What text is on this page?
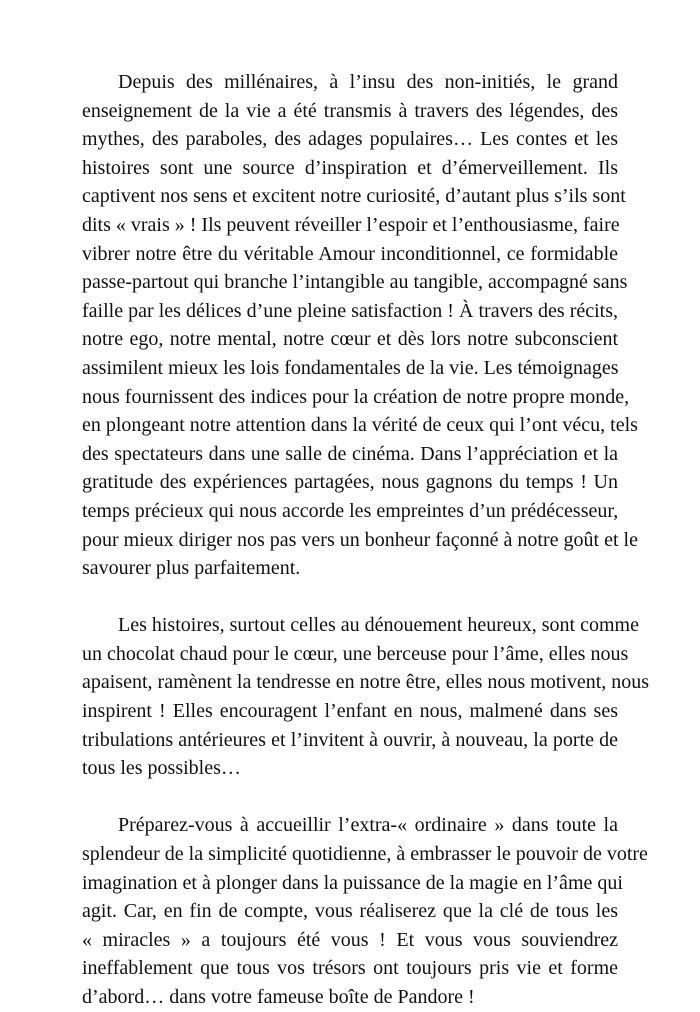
Depuis des millénaires, à l’insu des non-initiés, le grand
enseignement de la vie a été transmis à travers des légendes, des
mythes, des paraboles, des adages populaires… Les contes et les
histoires sont une source d’inspiration et d’émerveillement. Ils
captivent nos sens et excitent notre curiosité, d’autant plus s’ils sont
dits « vrais » ! Ils peuvent réveiller l’espoir et l’enthousiasme, faire
vibrer notre être du véritable Amour inconditionnel, ce formidable
passe-partout qui branche l’intangible au tangible, accompagné sans
faille par les délices d’une pleine satisfaction ! À travers des récits,
notre ego, notre mental, notre cœur et dès lors notre subconscient
assimilent mieux les lois fondamentales de la vie. Les témoignages
nous fournissent des indices pour la création de notre propre monde,
en plongeant notre attention dans la vérité de ceux qui l’ont vécu, tels
des spectateurs dans une salle de cinéma. Dans l’appréciation et la
gratitude des expériences partagées, nous gagnons du temps ! Un
temps précieux qui nous accorde les empreintes d’un prédécesseur,
pour mieux diriger nos pas vers un bonheur façonné à notre goût et le
savourer plus parfaitement.
Les histoires, surtout celles au dénouement heureux, sont comme
un chocolat chaud pour le cœur, une berceuse pour l’âme, elles nous
apaisent, ramènent la tendresse en notre être, elles nous motivent, nous
inspirent ! Elles encouragent l’enfant en nous, malmené dans ses
tribulations antérieures et l’invitent à ouvrir, à nouveau, la porte de
tous les possibles…
Préparez-vous à accueillir l’extra-« ordinaire » dans toute la
splendeur de la simplicité quotidienne, à embrasser le pouvoir de votre
imagination et à plonger dans la puissance de la magie en l’âme qui
agit. Car, en fin de compte, vous réaliserez que la clé de tous les
« miracles » a toujours été vous ! Et vous vous souviendrez
ineffablement que tous vos trésors ont toujours pris vie et forme
d’abord… dans votre fameuse boîte de Pandore !
